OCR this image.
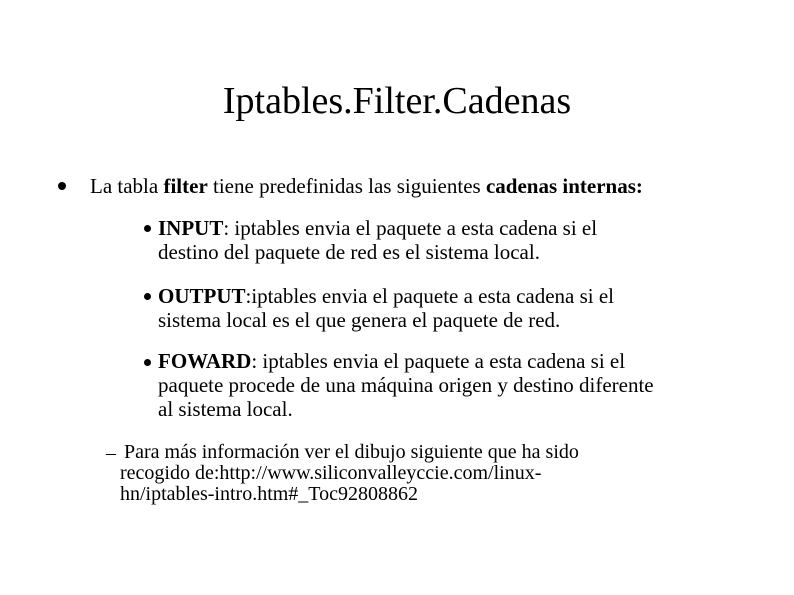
Iptables.Filter.Cadenas
La tabla filter tiene predefinidas las siguientes cadenas internas:
INPUT: iptables envia el paquete a esta cadena si el
destino del paquete de red es el sistema local.
OUTPUT:iptables envia el paquete a esta cadena si el
sistema local es el que genera el paquete de red.
FOWARD: iptables envia el paquete a esta cadena si el
paquete procede de una máquina origen y destino diferente
al sistema local.
– Para más información ver el dibujo siguiente que ha sido
recogido de:http://www.siliconvalleyccie.com/linux-
hn/iptables-intro.htm#_Toc92808862
